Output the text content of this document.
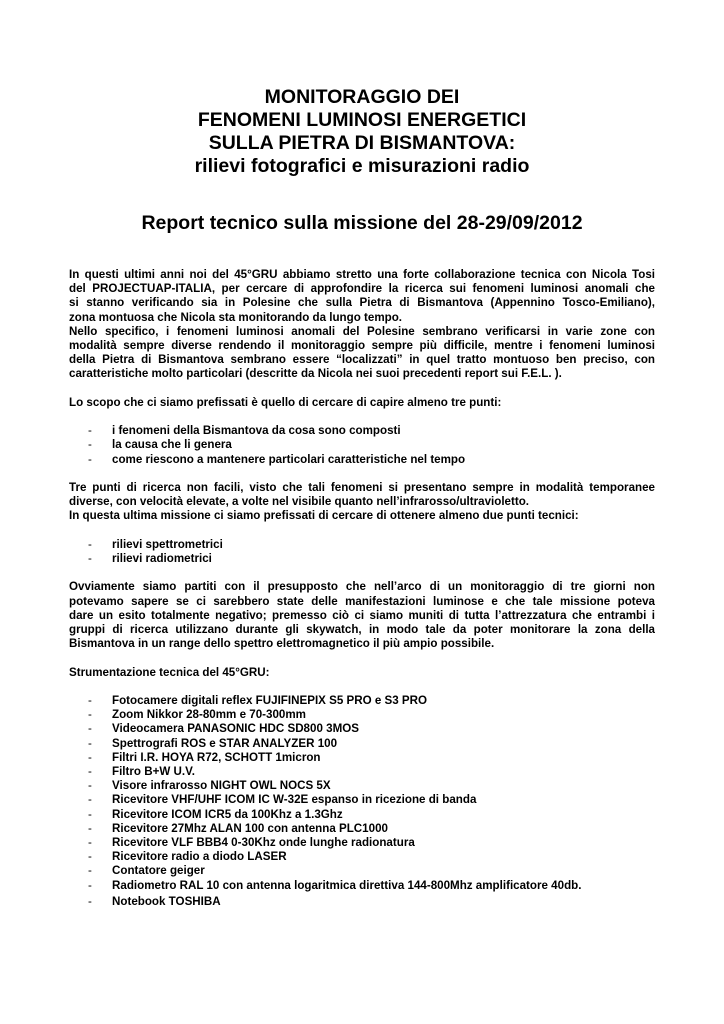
MONITORAGGIO DEI
FENOMENI LUMINOSI ENERGETICI
SULLA PIETRA DI BISMANTOVA:
rilievi fotografici e misurazioni radio
Report tecnico sulla missione del 28-29/09/2012

In questi ultimi anni noi del 45°GRU abbiamo stretto una forte collaborazione tecnica con Nicola Tosi
del PROJECTUAP-ITALIA, per cercare di approfondire la ricerca sui fenomeni luminosi anomali che
si stanno verificando sia in Polesine che sulla Pietra di Bismantova (Appennino Tosco-Emiliano),
zona montuosa che Nicola sta monitorando da lungo tempo.

Nello specifico, i fenomeni luminosi anomali del Polesine sembrano verificarsi in varie zone con
modalità sempre diverse rendendo il monitoraggio sempre più difficile, mentre i fenomeni luminosi
della Pietra di Bismantova sembrano essere “localizzati” in quel tratto montuoso ben preciso, con
caratteristiche molto particolari (descritte da Nicola nei suoi precedenti report sui F.E.L. ).

Lo scopo che ci siamo prefissati è quello di cercare di capire almeno tre punti:

- i fenomeni della Bismantova da cosa sono composti
- la causa che li genera
- come riescono a mantenere particolari caratteristiche nel tempo

Tre punti di ricerca non facili, visto che tali fenomeni si presentano sempre in modalità temporanee
diverse, con velocità elevate, a volte nel visibile quanto nell’infrarosso/ultravioletto.
In questa ultima missione ci siamo prefissati di cercare di ottenere almeno due punti tecnici:

- rilievi spettrometrici
- rilievi radiometrici

Ovviamente siamo partiti con il presupposto che nell’arco di un monitoraggio di tre giorni non
potevamo sapere se ci sarebbero state delle manifestazioni luminose e che tale missione poteva
dare un esito totalmente negativo; premesso ciò ci siamo muniti di tutta l’attrezzatura che entrambi i
gruppi di ricerca utilizzano durante gli skywatch, in modo tale da poter monitorare la zona della
Bismantova in un range dello spettro elettromagnetico il più ampio possibile.

Strumentazione tecnica del 45°GRU:

- Fotocamere digitali reflex FUJIFINEPIX S5 PRO e S3 PRO
- Zoom Nikkor 28-80mm e 70-300mm
- Videocamera PANASONIC HDC SD800 3MOS
- Spettrografi ROS e STAR ANALYZER 100
- Filtri I.R. HOYA R72, SCHOTT 1micron
- Filtro B+W U.V.
- Visore infrarosso NIGHT OWL NOCS 5X
- Ricevitore VHF/UHF ICOM IC W-32E espanso in ricezione di banda
- Ricevitore ICOM ICR5 da 100Khz a 1.3Ghz
- Ricevitore 27Mhz ALAN 100 con antenna PLC1000
- Ricevitore VLF BBB4 0-30Khz onde lunghe radionatura
- Ricevitore radio a diodo LASER
- Contatore geiger
- Radiometro RAL 10 con antenna logaritmica direttiva 144-800Mhz amplificatore 40db.
- Notebook TOSHIBA
